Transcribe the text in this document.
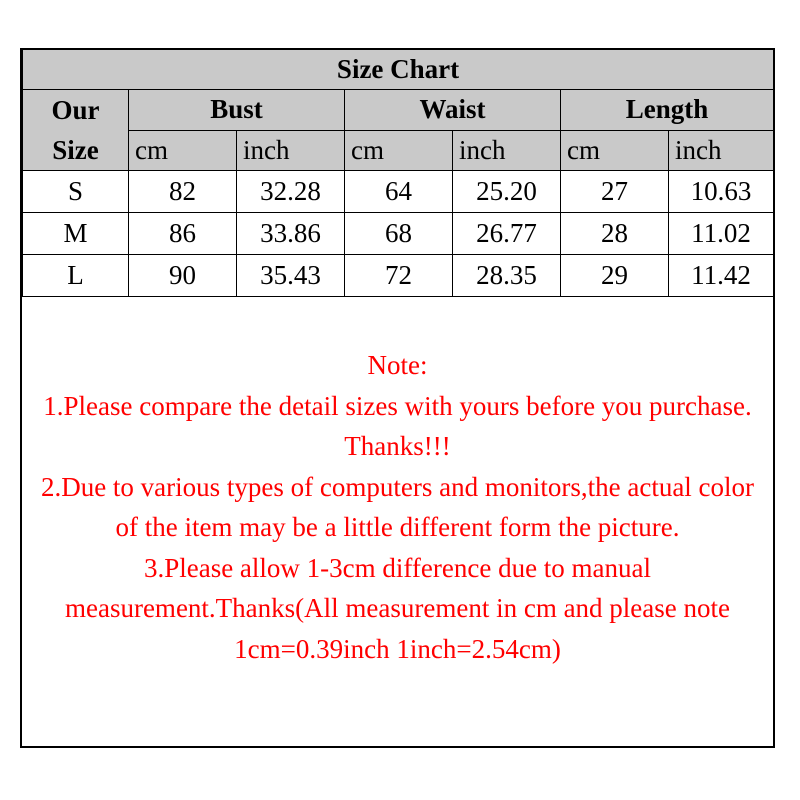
Size Chart						

Our
Size	Bust		Waist		Length	
	cm	inch	cm	inch	cm	inch
S	82	32.28	64	25.20	27	10.63
M	86	33.86	68	26.77	28	11.02
L	90	35.43	72	28.35	29	11.42

Note:

1.Please compare the detail sizes with yours before you purchase. Thanks!!!

2.Due to various types of computers and monitors,the actual color of the item may be a little different form the picture.

3.Please allow 1-3cm difference due to manual measurement.Thanks(All measurement in cm and please note 1cm=0.39inch 1inch=2.54cm)
